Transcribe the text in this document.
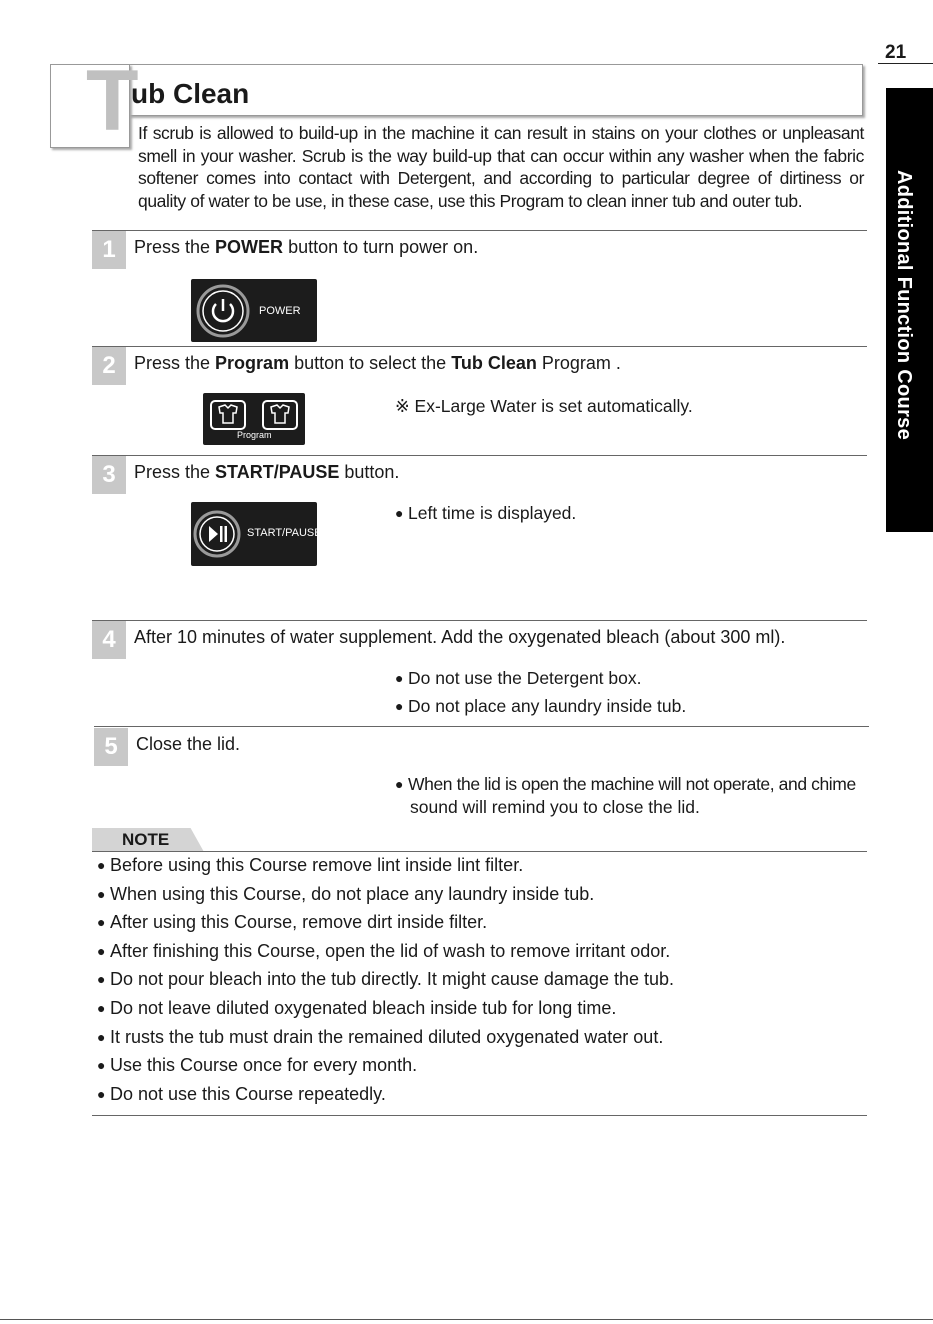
21
Additional Function Course
T
ub Clean
If scrub is allowed to build-up in the machine it can result in stains on your clothes or unpleasant smell in your washer. Scrub is the way build-up that can occur within any washer when the fabric softener comes into contact with Detergent, and according to particular degree of dirtiness or quality of water to be use, in these case, use this Program to clean inner tub and outer tub.
1	Press the POWER button to turn power on.
POWER
2	Press the Program button to select the Tub Clean Program .
Program
※ Ex-Large Water is set automatically.
3	Press the START/PAUSE button.
START/PAUSE
● Left time is displayed.
4	After 10 minutes of water supplement. Add the oxygenated bleach (about 300 ml).
● Do not use the Detergent box.
● Do not place any laundry inside tub.
5	Close the lid.
● When the lid is open the machine will not operate, and chime
sound will remind you to close the lid.
NOTE
● Before using this Course remove lint inside lint filter.
● When using this Course, do not place any laundry inside tub.
● After using this Course, remove dirt inside filter.
● After finishing this Course, open the lid of wash to remove irritant odor.
● Do not pour bleach into the tub directly. It might cause damage the tub.
● Do not leave diluted oxygenated bleach inside tub for long time.
● It rusts the tub must drain the remained diluted oxygenated water out.
● Use this Course once for every month.
● Do not use this Course repeatedly.
